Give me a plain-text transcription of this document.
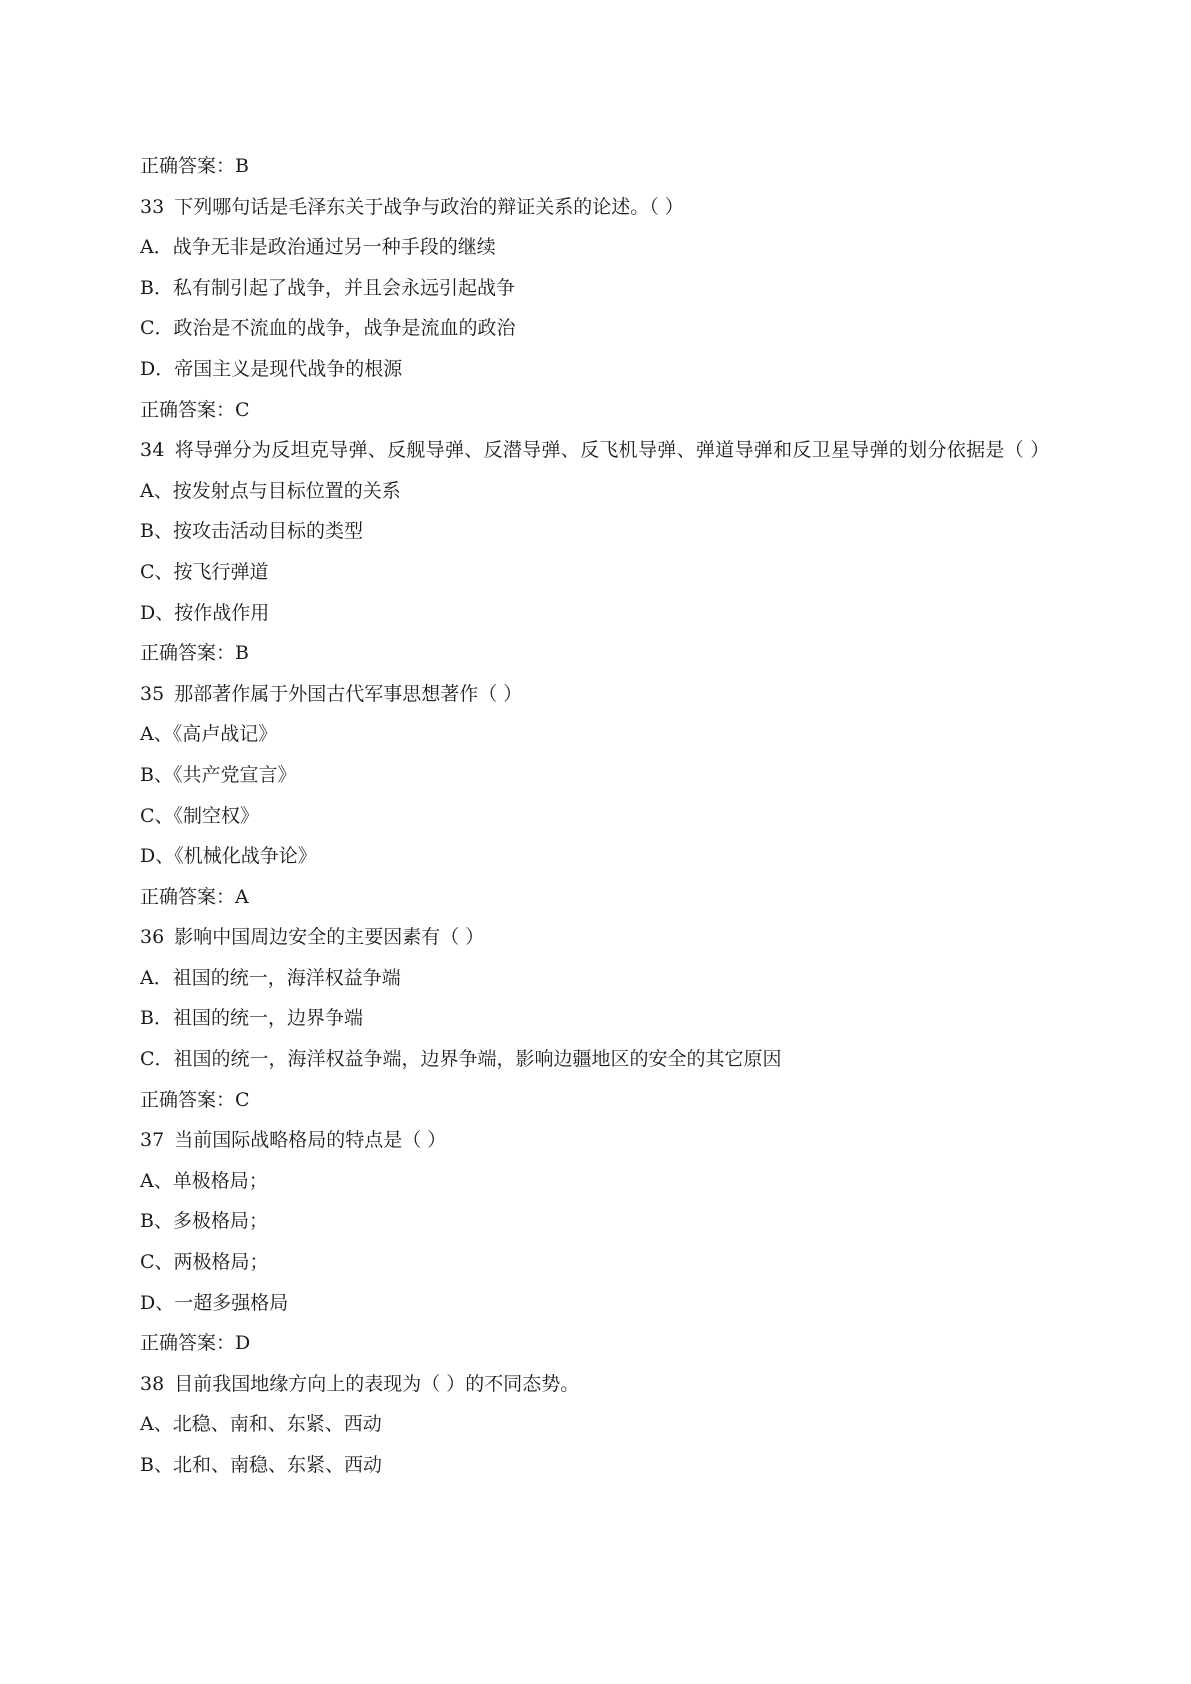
正确答案：B
33 下列哪句话是毛泽东关于战争与政治的辩证关系的论述。（ ）
A．战争无非是政治通过另一种手段的继续
B．私有制引起了战争，并且会永远引起战争
C．政治是不流血的战争，战争是流血的政治
D．帝国主义是现代战争的根源
正确答案：C
34 将导弹分为反坦克导弹、反舰导弹、反潜导弹、反飞机导弹、弹道导弹和反卫星导弹的划分依据是（ ）
A、按发射点与目标位置的关系
B、按攻击活动目标的类型
C、按飞行弹道
D、按作战作用
正确答案：B
35 那部著作属于外国古代军事思想著作（ ）
A、《高卢战记》
B、《共产党宣言》
C、《制空权》
D、《机械化战争论》
正确答案：A
36 影响中国周边安全的主要因素有（ ）
A．祖国的统一，海洋权益争端
B．祖国的统一，边界争端
C．祖国的统一，海洋权益争端，边界争端，影响边疆地区的安全的其它原因
正确答案：C
37 当前国际战略格局的特点是（ ）
A、单极格局；
B、多极格局；
C、两极格局；
D、一超多强格局
正确答案：D
38 目前我国地缘方向上的表现为（ ）的不同态势。
A、北稳、南和、东紧、西动
B、北和、南稳、东紧、西动
